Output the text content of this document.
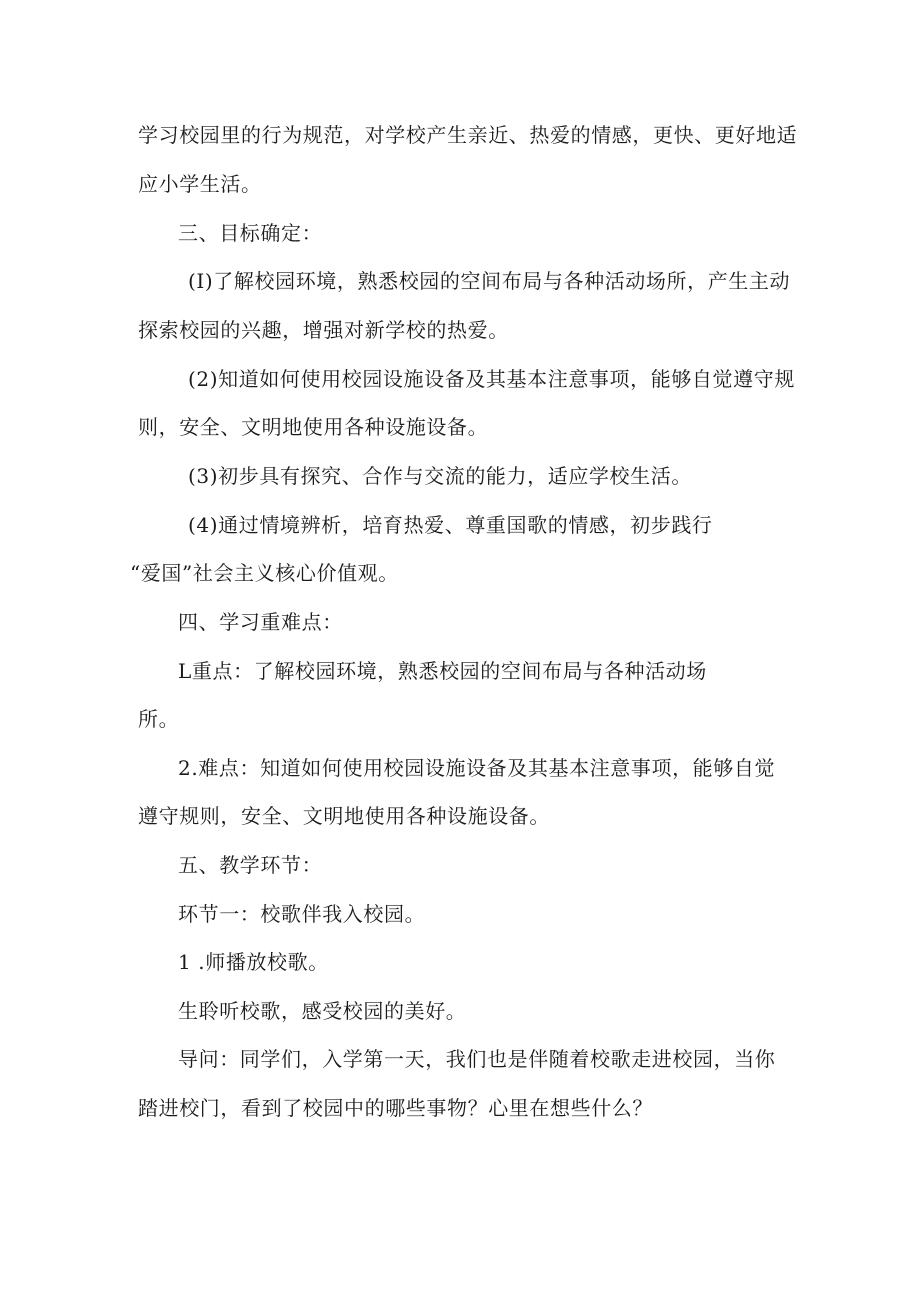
学习校园里的行为规范，对学校产生亲近、热爱的情感，更快、更好地适

应小学生活。

三、目标确定：

(I)了解校园环境，熟悉校园的空间布局与各种活动场所，产生主动

探索校园的兴趣，增强对新学校的热爱。

(2)知道如何使用校园设施设备及其基本注意事项，能够自觉遵守规

则，安全、文明地使用各种设施设备。

(3)初步具有探究、合作与交流的能力，适应学校生活。

(4)通过情境辨析，培育热爱、尊重国歌的情感，初步践行

“爱国”社会主义核心价值观。

四、学习重难点：

L重点：了解校园环境，熟悉校园的空间布局与各种活动场

所。

2.难点：知道如何使用校园设施设备及其基本注意事项，能够自觉

遵守规则，安全、文明地使用各种设施设备。

五、教学环节：

环节一：校歌伴我入校园。

1 .师播放校歌。

生聆听校歌，感受校园的美好。

导问：同学们，入学第一天，我们也是伴随着校歌走进校园，当你

踏进校门，看到了校园中的哪些事物？心里在想些什么？
